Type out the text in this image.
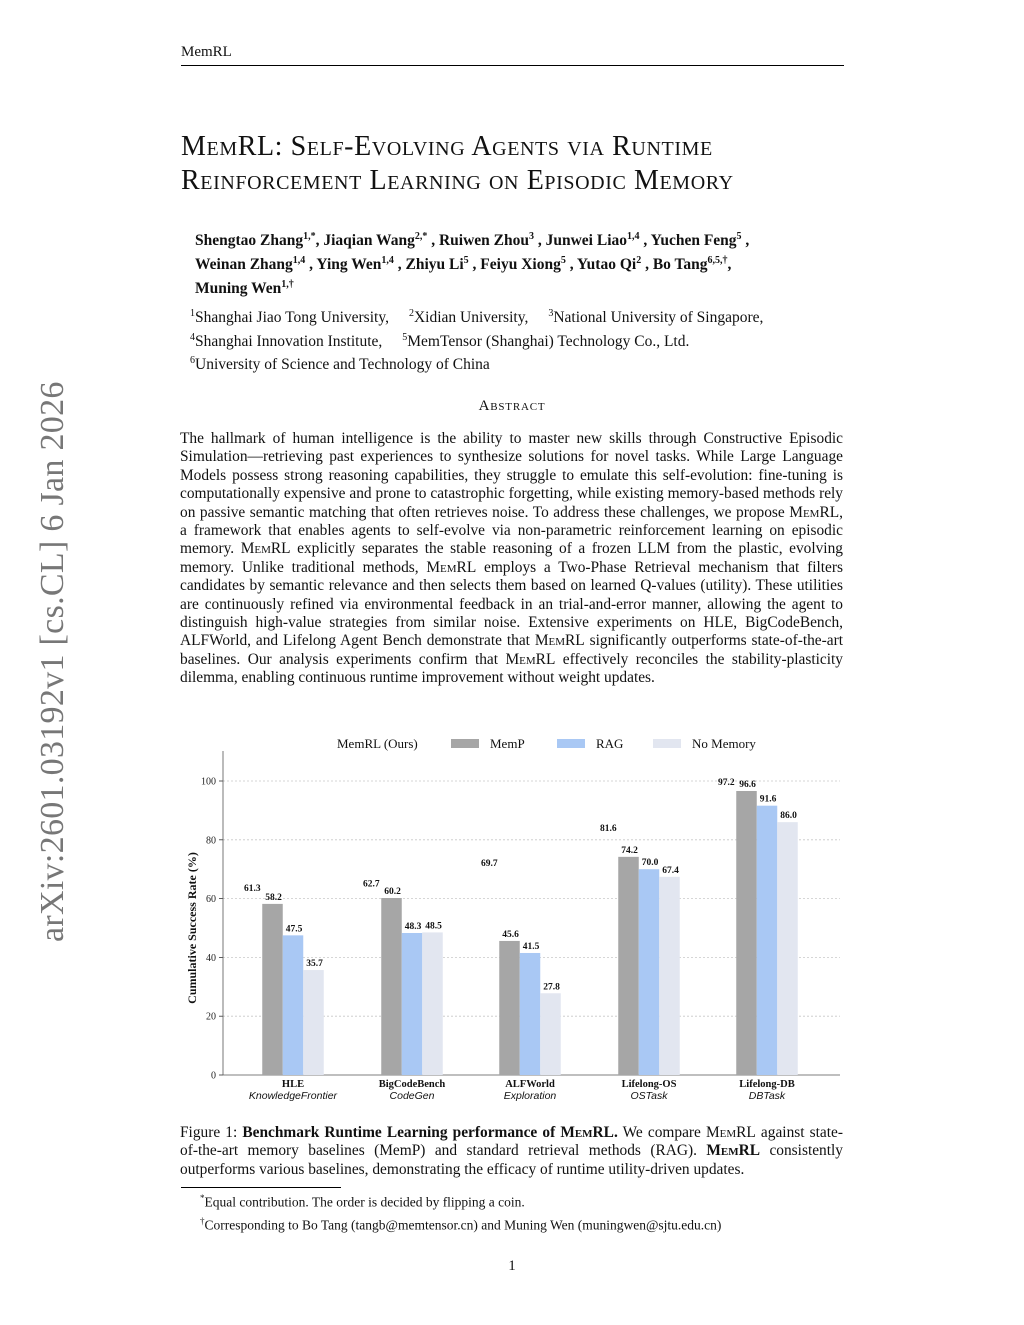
MemRL
arXiv:2601.03192v1 [cs.CL] 6 Jan 2026
MemRL: Self-Evolving Agents via Runtime
Reinforcement Learning on Episodic Memory
Shengtao Zhang$^{1,*}$, Jiaqian Wang$^{2,*}$ , Ruiwen Zhou$^3$ , Junwei Liao$^{1,4}$ , Yuchen Feng$^5$ ,
Weinan Zhang$^{1,4}$ , Ying Wen$^{1,4}$ , Zhiyu Li$^5$ , Feiyu Xiong$^5$ , Yutao Qi$^2$ , Bo Tang$^{6,5,\dagger}$,
Muning Wen$^{1,\dagger}$
$^1$Shanghai Jiao Tong University, $^2$Xidian University, $^3$National University of Singapore,
$^4$Shanghai Innovation Institute, $^5$MemTensor (Shanghai) Technology Co., Ltd.
$^6$University of Science and Technology of China
Abstract
The hallmark of human intelligence is the ability to master new skills through Constructive Episodic Simulation—retrieving past experiences to synthesize solutions for novel tasks. While Large Language Models possess strong reasoning capabilities, they struggle to emulate this self-evolution: fine-tuning is computationally expensive and prone to catastrophic forgetting, while existing memory-based methods rely on passive semantic matching that often retrieves noise. To address these challenges, we propose MemRL, a framework that enables agents to self-evolve via non-parametric reinforcement learning on episodic memory. MemRL explicitly separates the stable reasoning of a frozen LLM from the plastic, evolving memory. Unlike traditional methods, MemRL employs a Two-Phase Retrieval mechanism that filters candidates by semantic relevance and then selects them based on learned Q-values (utility). These utilities are continuously refined via environmental feedback in an trial-and-error manner, allowing the agent to distinguish high-value strategies from similar noise. Extensive experiments on HLE, BigCodeBench, ALFWorld, and Lifelong Agent Bench demonstrate that MemRL significantly outperforms state-of-the-art baselines. Our analysis experiments confirm that MemRL effectively reconciles the stability-plasticity dilemma, enabling continuous runtime improvement without weight updates.
0
20
40
60
80
100
Cumulative Success Rate (%)
MemRL (Ours)	MemP	RAG	No Memory
58.2
47.5
35.7
61.3
HLE
KnowledgeFrontier
60.2
48.3 48.5
62.7
BigCodeBench
CodeGen
45.6
41.5
27.8
69.7
ALFWorld
Exploration
74.2
70.0
67.4
81.6
Lifelong-OS
OSTask
96.6
91.6
86.0
97.2
Lifelong-DB
DBTask
Figure 1: Benchmark Runtime Learning performance of MemRL. We compare MemRL against state-of-the-art memory baselines (MemP) and standard retrieval methods (RAG). MemRL consistently outperforms various baselines, demonstrating the efficacy of runtime utility-driven updates.
*Equal contribution. The order is decided by flipping a coin.
†Corresponding to Bo Tang (tangb@memtensor.cn) and Muning Wen (muningwen@sjtu.edu.cn)
1
